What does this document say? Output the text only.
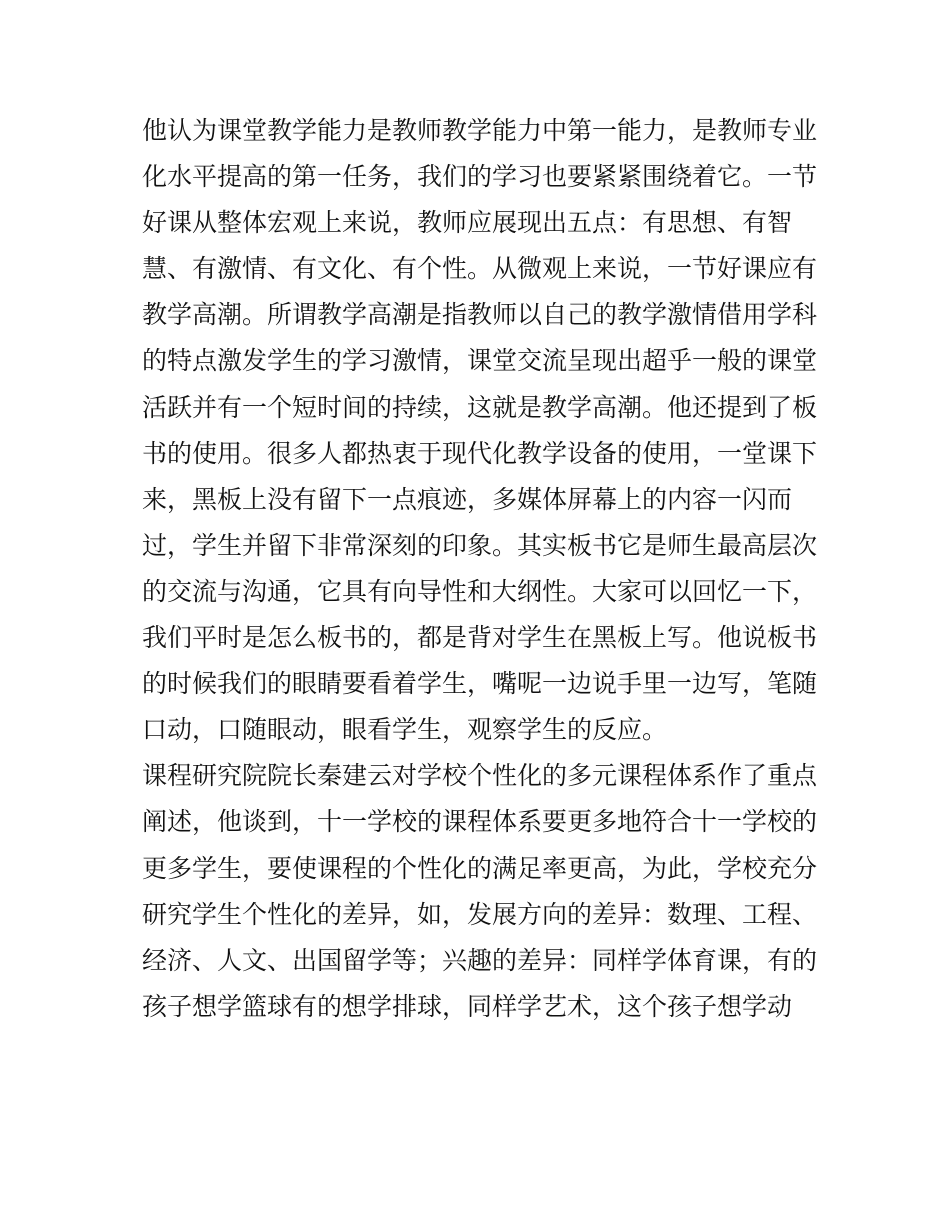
他认为课堂教学能力是教师教学能力中第一能力，是教师专业
化水平提高的第一任务，我们的学习也要紧紧围绕着它。一节
好课从整体宏观上来说，教师应展现出五点：有思想、有智
慧、有激情、有文化、有个性。从微观上来说，一节好课应有
教学高潮。所谓教学高潮是指教师以自己的教学激情借用学科
的特点激发学生的学习激情，课堂交流呈现出超乎一般的课堂
活跃并有一个短时间的持续，这就是教学高潮。他还提到了板
书的使用。很多人都热衷于现代化教学设备的使用，一堂课下
来，黑板上没有留下一点痕迹，多媒体屏幕上的内容一闪而
过，学生并留下非常深刻的印象。其实板书它是师生最高层次
的交流与沟通，它具有向导性和大纲性。大家可以回忆一下，
我们平时是怎么板书的，都是背对学生在黑板上写。他说板书
的时候我们的眼睛要看着学生，嘴呢一边说手里一边写，笔随
口动，口随眼动，眼看学生，观察学生的反应。
课程研究院院长秦建云对学校个性化的多元课程体系作了重点
阐述，他谈到，十一学校的课程体系要更多地符合十一学校的
更多学生，要使课程的个性化的满足率更高，为此，学校充分
研究学生个性化的差异，如，发展方向的差异：数理、工程、
经济、人文、出国留学等；兴趣的差异：同样学体育课，有的
孩子想学篮球有的想学排球，同样学艺术，这个孩子想学动
